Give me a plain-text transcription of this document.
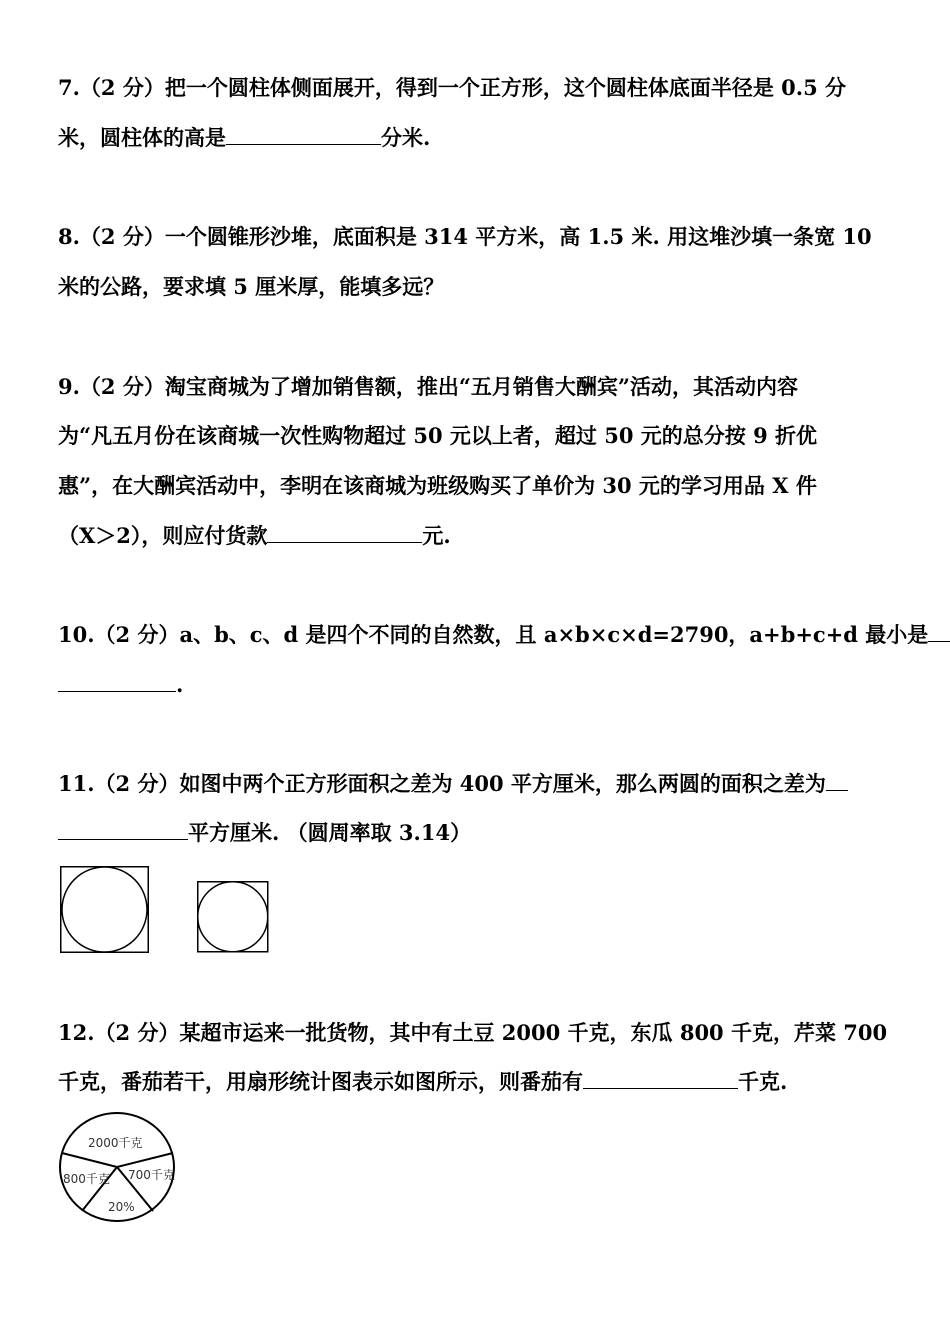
7.（2 分）把一个圆柱体侧面展开，得到一个正方形，这个圆柱体底面半径是 0.5 分
米，圆柱体的高是	分米.
8.（2 分）一个圆锥形沙堆，底面积是 314 平方米，高 1.5 米. 用这堆沙填一条宽 10
米的公路，要求填 5 厘米厚，能填多远？
9.（2 分）淘宝商城为了增加销售额，推出“五月销售大酬宾”活动，其活动内容
为“凡五月份在该商城一次性购物超过 50 元以上者，超过 50 元的总分按 9 折优
惠”，在大酬宾活动中，李明在该商城为班级购买了单价为 30 元的学习用品 X 件
（X＞2），则应付货款	元.
10.（2 分）a、b、c、d 是四个不同的自然数，且 a×b×c×d=2790，a+b+c+d 最小是
.
11.（2 分）如图中两个正方形面积之差为 400 平方厘米，那么两圆的面积之差为
平方厘米. （圆周率取 3.14）
12.（2 分）某超市运来一批货物，其中有土豆 2000 千克，东瓜 800 千克，芹菜 700
千克，番茄若干，用扇形统计图表示如图所示，则番茄有	千克.
2000千克
800千克 700千克
20%
